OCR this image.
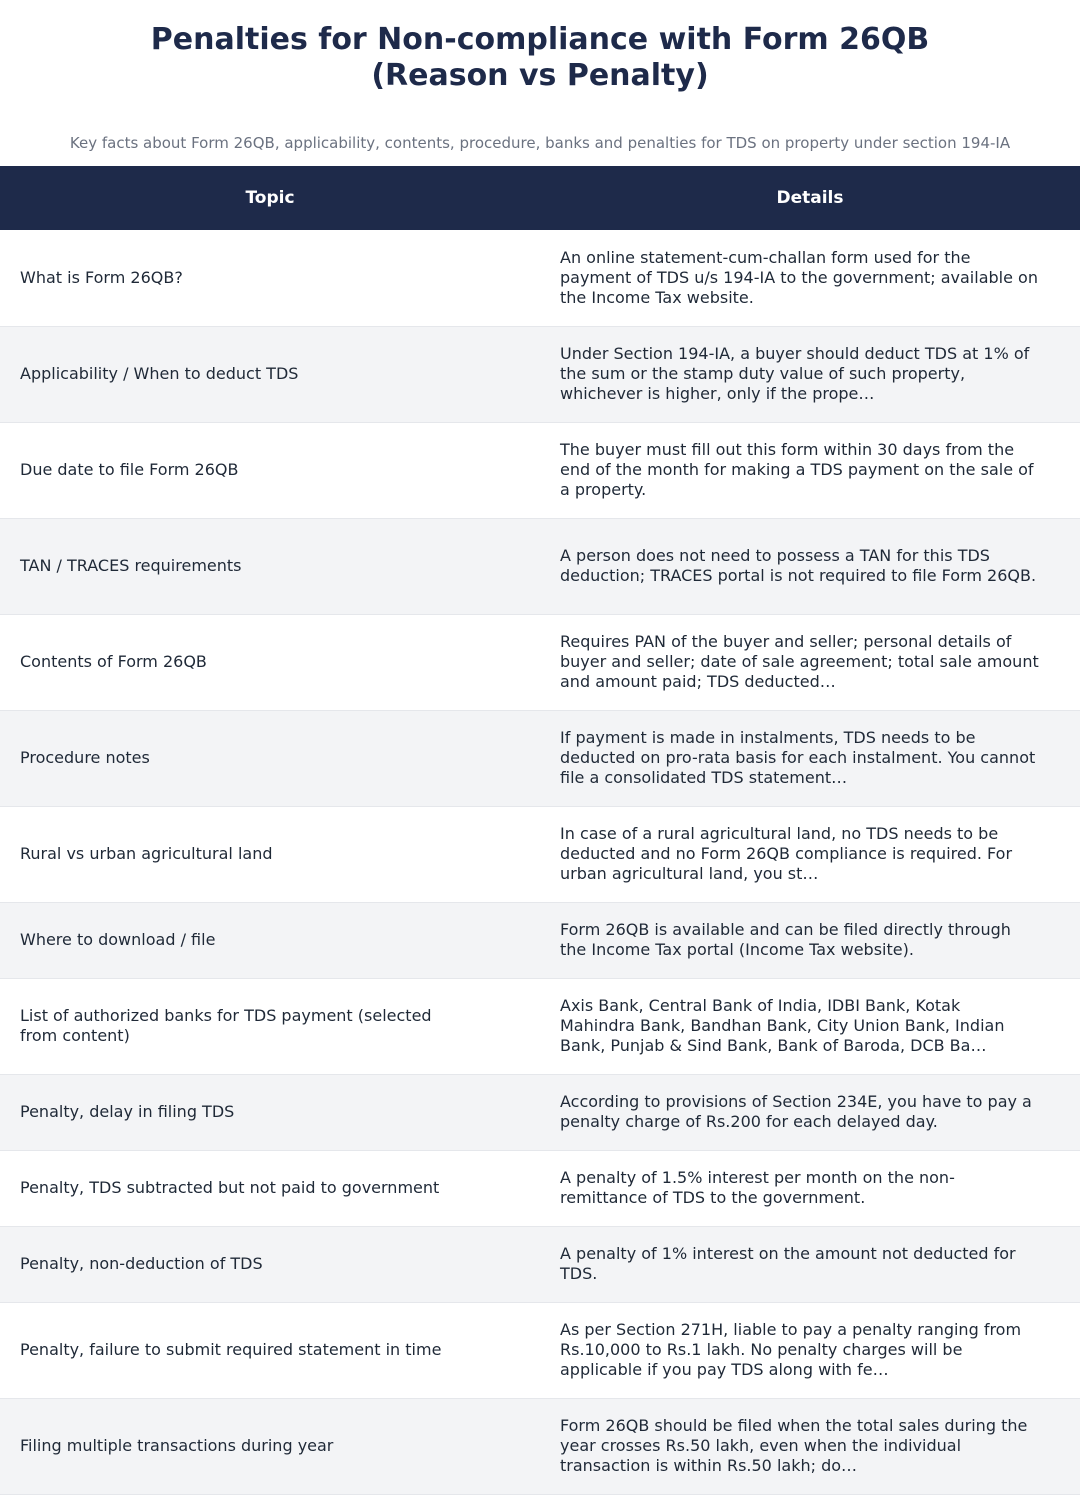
Penalties for Non-compliance with Form 26QB
(Reason vs Penalty)

Key facts about Form 26QB, applicability, contents, procedure, banks and penalties for TDS on property under section 194-IA

Topic	Details
What is Form 26QB?	An online statement-cum-challan form used for the payment of TDS u/s 194-IA to the government; available on the Income Tax website.
Applicability / When to deduct TDS	Under Section 194-IA, a buyer should deduct TDS at 1% of the sum or the stamp duty value of such property, whichever is higher, only if the prope…
Due date to file Form 26QB	The buyer must fill out this form within 30 days from the end of the month for making a TDS payment on the sale of a property.
TAN / TRACES requirements	A person does not need to possess a TAN for this TDS deduction; TRACES portal is not required to file Form 26QB.
Contents of Form 26QB	Requires PAN of the buyer and seller; personal details of buyer and seller; date of sale agreement; total sale amount and amount paid; TDS deducted…
Procedure notes	If payment is made in instalments, TDS needs to be deducted on pro-rata basis for each instalment. You cannot file a consolidated TDS statement…
Rural vs urban agricultural land	In case of a rural agricultural land, no TDS needs to be deducted and no Form 26QB compliance is required. For urban agricultural land, you st…
Where to download / file	Form 26QB is available and can be filed directly through the Income Tax portal (Income Tax website).
List of authorized banks for TDS payment (selected from content)	Axis Bank, Central Bank of India, IDBI Bank, Kotak Mahindra Bank, Bandhan Bank, City Union Bank, Indian Bank, Punjab & Sind Bank, Bank of Baroda, DCB Ba…
Penalty, delay in filing TDS	According to provisions of Section 234E, you have to pay a penalty charge of Rs.200 for each delayed day.
Penalty, TDS subtracted but not paid to government	A penalty of 1.5% interest per month on the non-remittance of TDS to the government.
Penalty, non-deduction of TDS	A penalty of 1% interest on the amount not deducted for TDS.
Penalty, failure to submit required statement in time	As per Section 271H, liable to pay a penalty ranging from Rs.10,000 to Rs.1 lakh. No penalty charges will be applicable if you pay TDS along with fe…
Filing multiple transactions during year	Form 26QB should be filed when the total sales during the year crosses Rs.50 lakh, even when the individual transaction is within Rs.50 lakh; do…
